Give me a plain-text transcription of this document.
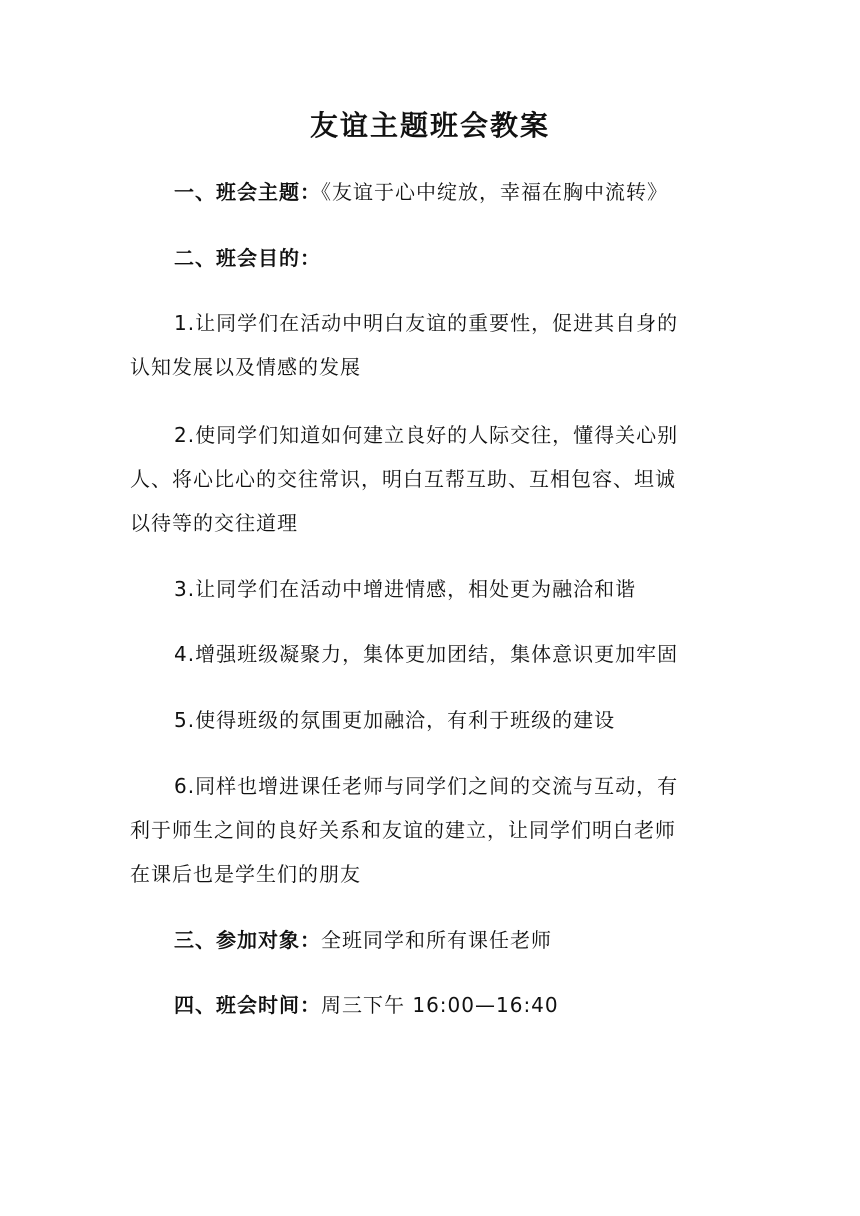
友谊主题班会教案
一、班会主题：《友谊于心中绽放，幸福在胸中流转》
二、班会目的：
1.让同学们在活动中明白友谊的重要性，促进其自身的
认知发展以及情感的发展
2.使同学们知道如何建立良好的人际交往，懂得关心别
人、将心比心的交往常识，明白互帮互助、互相包容、坦诚
以待等的交往道理
3.让同学们在活动中增进情感，相处更为融洽和谐
4.增强班级凝聚力，集体更加团结，集体意识更加牢固
5.使得班级的氛围更加融洽，有利于班级的建设
6.同样也增进课任老师与同学们之间的交流与互动，有
利于师生之间的良好关系和友谊的建立，让同学们明白老师
在课后也是学生们的朋友
三、参加对象：全班同学和所有课任老师
四、班会时间：周三下午 16:00—16:40
